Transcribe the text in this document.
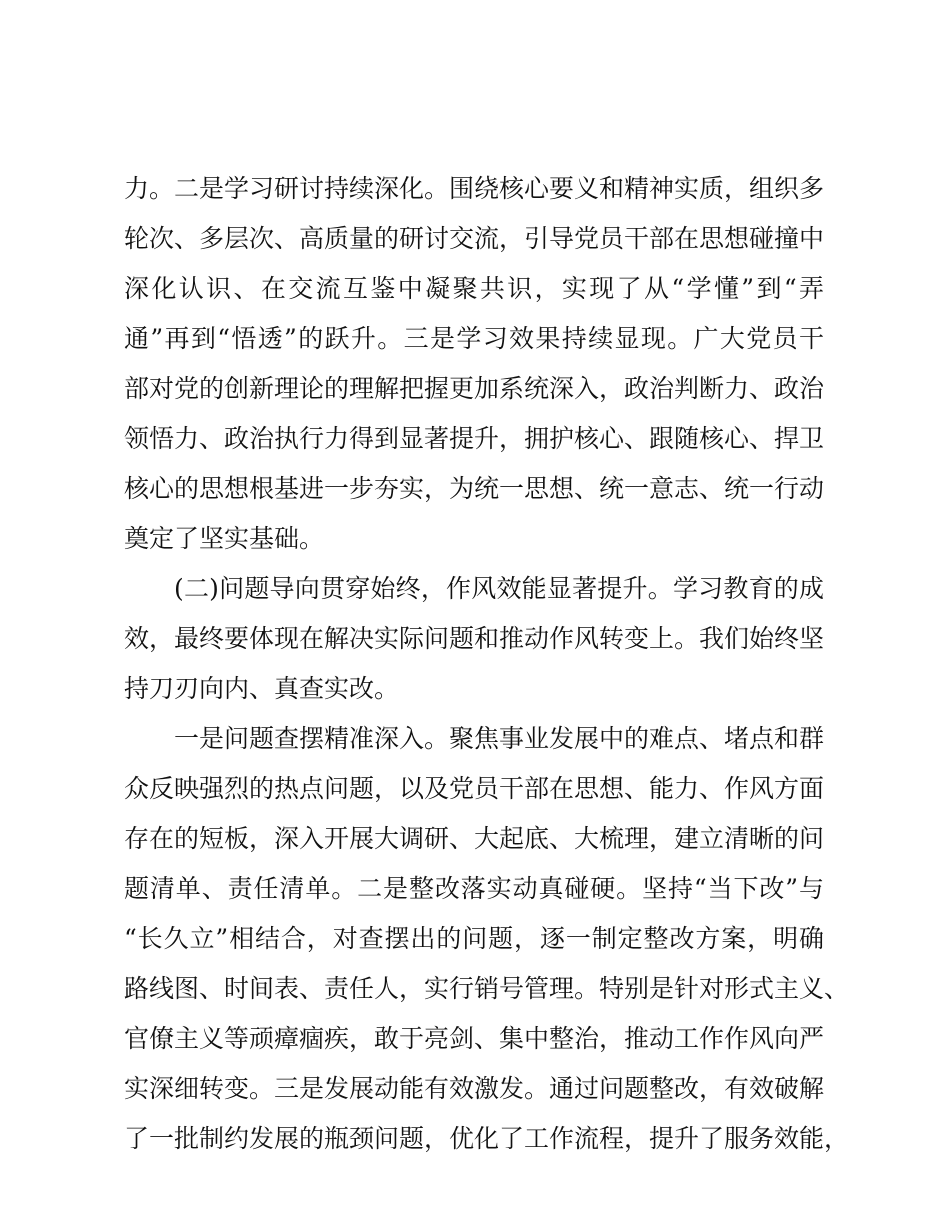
力。二是学习研讨持续深化。围绕核心要义和精神实质，组织多
轮次、多层次、高质量的研讨交流，引导党员干部在思想碰撞中
深化认识、在交流互鉴中凝聚共识，实现了从“学懂”到“弄
通”再到“悟透”的跃升。三是学习效果持续显现。广大党员干
部对党的创新理论的理解把握更加系统深入，政治判断力、政治
领悟力、政治执行力得到显著提升，拥护核心、跟随核心、捍卫
核心的思想根基进一步夯实，为统一思想、统一意志、统一行动
奠定了坚实基础。
(二)问题导向贯穿始终，作风效能显著提升。学习教育的成
效，最终要体现在解决实际问题和推动作风转变上。我们始终坚
持刀刃向内、真查实改。
一是问题查摆精准深入。聚焦事业发展中的难点、堵点和群
众反映强烈的热点问题，以及党员干部在思想、能力、作风方面
存在的短板，深入开展大调研、大起底、大梳理，建立清晰的问
题清单、责任清单。二是整改落实动真碰硬。坚持“当下改”与
“长久立”相结合，对查摆出的问题，逐一制定整改方案，明确
路线图、时间表、责任人，实行销号管理。特别是针对形式主义、
官僚主义等顽瘴痼疾，敢于亮剑、集中整治，推动工作作风向严
实深细转变。三是发展动能有效激发。通过问题整改，有效破解
了一批制约发展的瓶颈问题，优化了工作流程，提升了服务效能，
